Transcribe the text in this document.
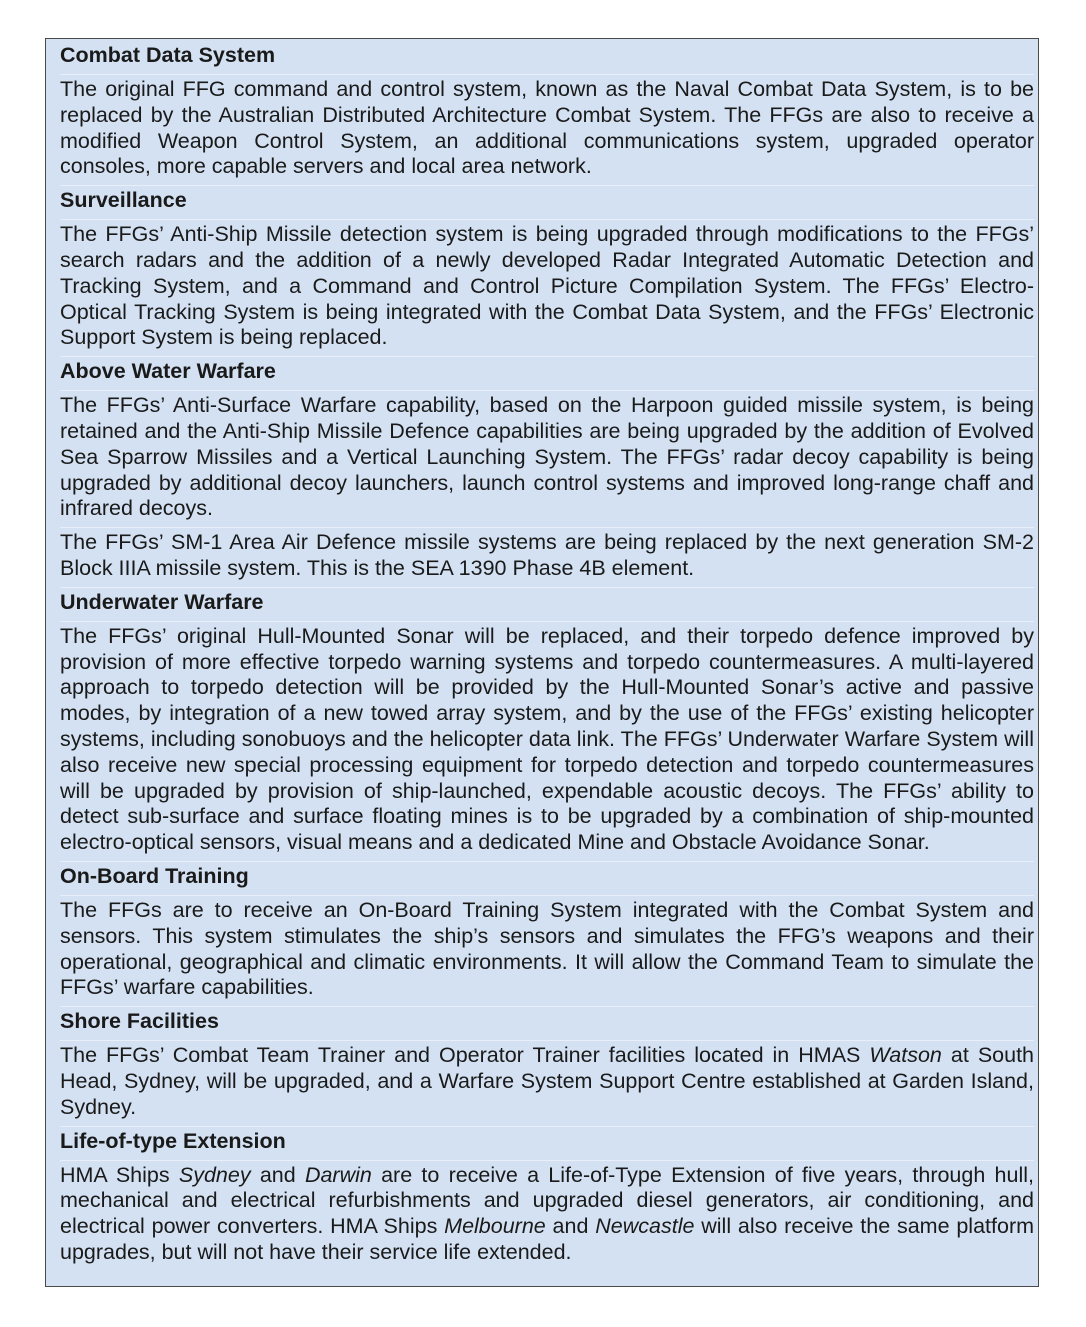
Combat Data System

The original FFG command and control system, known as the Naval Combat Data System, is to be replaced by the Australian Distributed Architecture Combat System. The FFGs are also to receive a modified Weapon Control System, an additional communications system, upgraded operator consoles, more capable servers and local area network.

Surveillance

The FFGs’ Anti-Ship Missile detection system is being upgraded through modifications to the FFGs’ search radars and the addition of a newly developed Radar Integrated Automatic Detection and Tracking System, and a Command and Control Picture Compilation System. The FFGs’ Electro-Optical Tracking System is being integrated with the Combat Data System, and the FFGs’ Electronic Support System is being replaced.

Above Water Warfare

The FFGs’ Anti-Surface Warfare capability, based on the Harpoon guided missile system, is being retained and the Anti-Ship Missile Defence capabilities are being upgraded by the addition of Evolved Sea Sparrow Missiles and a Vertical Launching System. The FFGs’ radar decoy capability is being upgraded by additional decoy launchers, launch control systems and improved long-range chaff and infrared decoys.

The FFGs’ SM-1 Area Air Defence missile systems are being replaced by the next generation SM-2 Block IIIA missile system. This is the SEA 1390 Phase 4B element.

Underwater Warfare

The FFGs’ original Hull-Mounted Sonar will be replaced, and their torpedo defence improved by provision of more effective torpedo warning systems and torpedo countermeasures. A multi-layered approach to torpedo detection will be provided by the Hull-Mounted Sonar’s active and passive modes, by integration of a new towed array system, and by the use of the FFGs’ existing helicopter systems, including sonobuoys and the helicopter data link. The FFGs’ Underwater Warfare System will also receive new special processing equipment for torpedo detection and torpedo countermeasures will be upgraded by provision of ship-launched, expendable acoustic decoys. The FFGs’ ability to detect sub-surface and surface floating mines is to be upgraded by a combination of ship-mounted electro-optical sensors, visual means and a dedicated Mine and Obstacle Avoidance Sonar.

On-Board Training

The FFGs are to receive an On-Board Training System integrated with the Combat System and sensors. This system stimulates the ship’s sensors and simulates the FFG’s weapons and their operational, geographical and climatic environments. It will allow the Command Team to simulate the FFGs’ warfare capabilities.

Shore Facilities

The FFGs’ Combat Team Trainer and Operator Trainer facilities located in HMAS Watson at South Head, Sydney, will be upgraded, and a Warfare System Support Centre established at Garden Island, Sydney.

Life-of-type Extension

HMA Ships Sydney and Darwin are to receive a Life-of-Type Extension of five years, through hull, mechanical and electrical refurbishments and upgraded diesel generators, air conditioning, and electrical power converters. HMA Ships Melbourne and Newcastle will also receive the same platform upgrades, but will not have their service life extended.
